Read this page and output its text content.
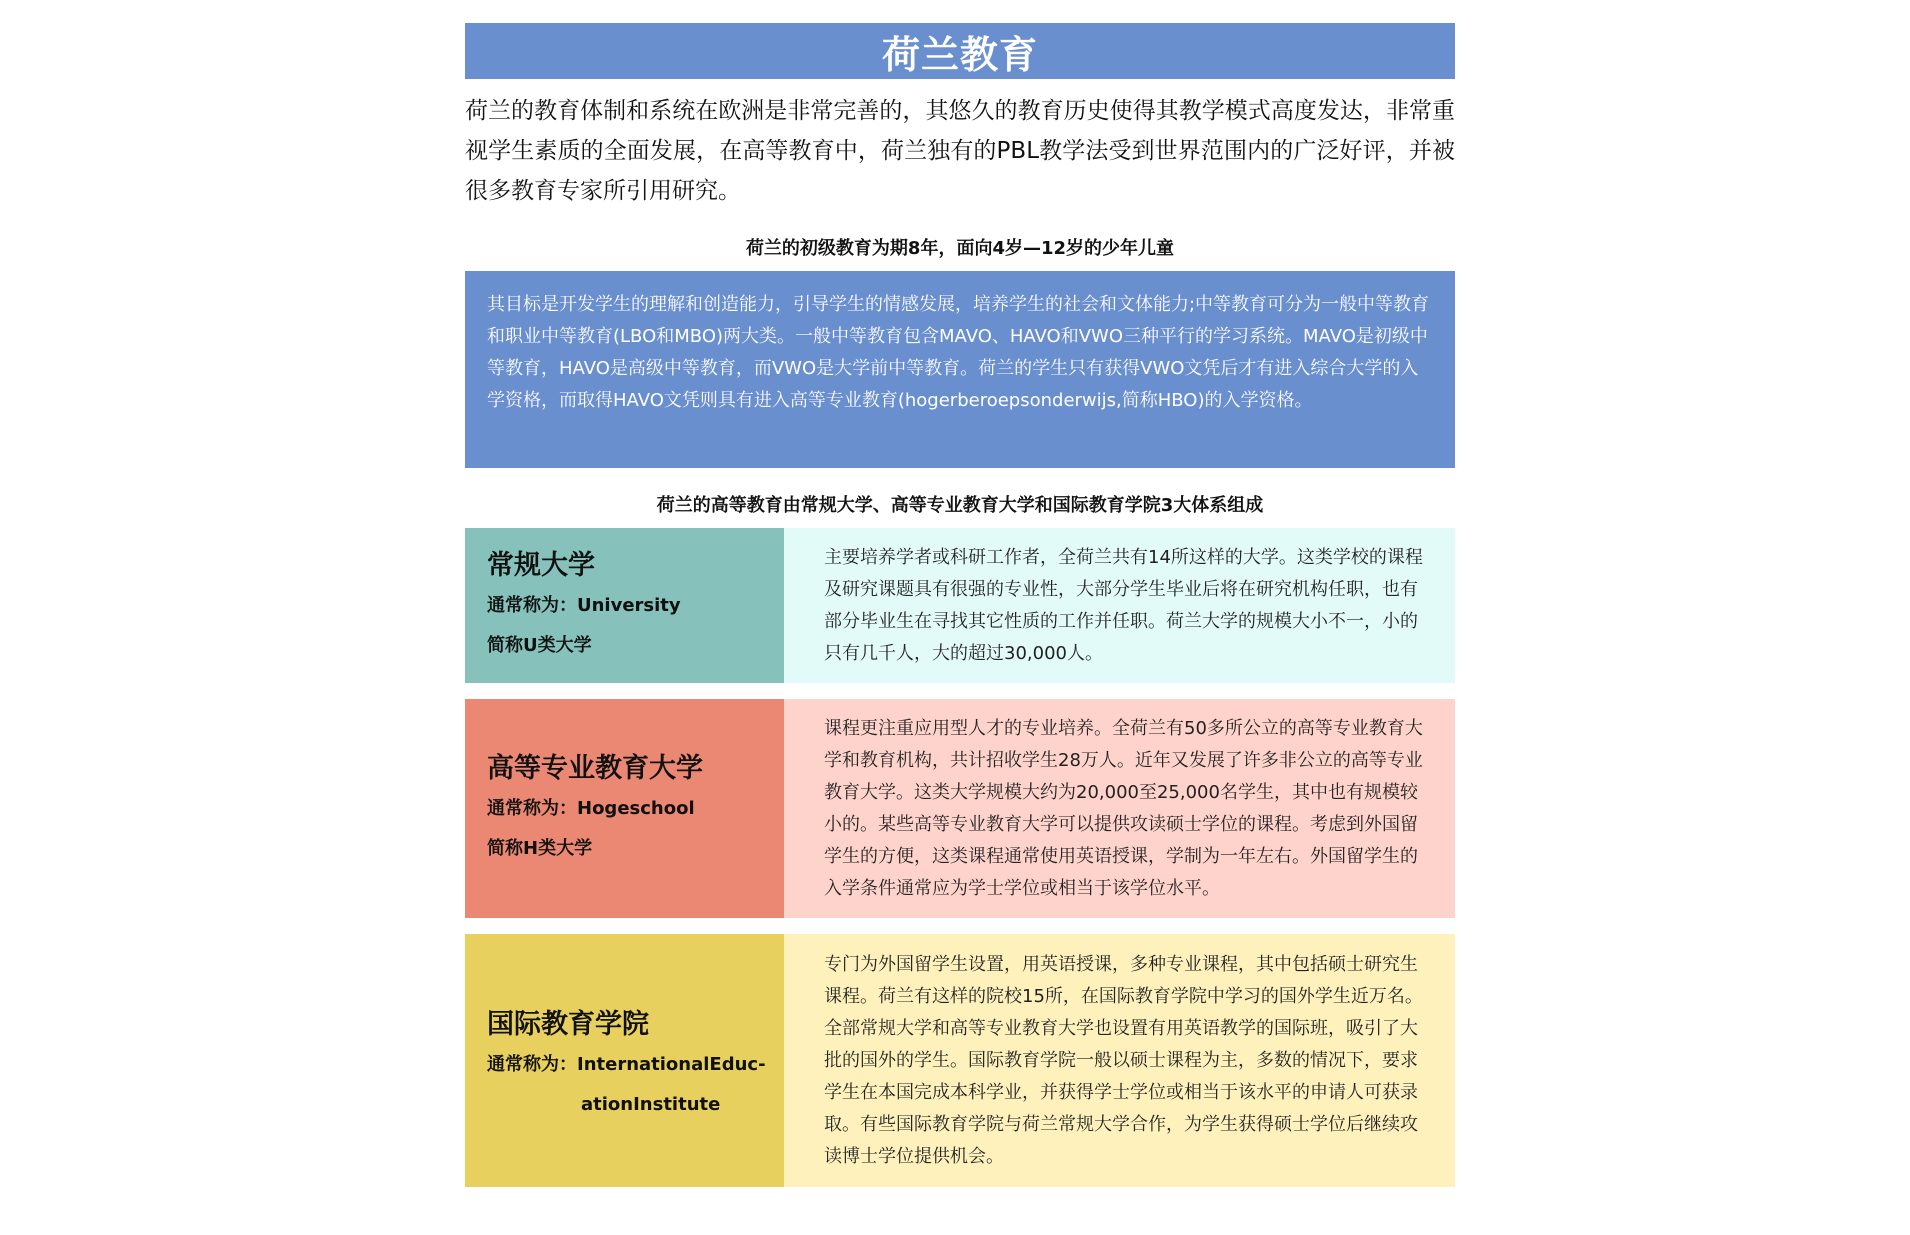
荷兰教育
荷兰的教育体制和系统在欧洲是非常完善的，其悠久的教育历史使得其教学模式高度发达，非常重视学生素质的全面发展，在高等教育中，荷兰独有的PBL教学法受到世界范围内的广泛好评，并被很多教育专家所引用研究。
荷兰的初级教育为期8年，面向4岁—12岁的少年儿童
其目标是开发学生的理解和创造能力，引导学生的情感发展，培养学生的社会和文体能力;中等教育可分为一般中等教育和职业中等教育(LBO和MBO)两大类。一般中等教育包含MAVO、HAVO和VWO三种平行的学习系统。MAVO是初级中等教育，HAVO是高级中等教育，而VWO是大学前中等教育。荷兰的学生只有获得VWO文凭后才有进入综合大学的入学资格，而取得HAVO文凭则具有进入高等专业教育(hogerberoepsonderwijs,简称HBO)的入学资格。
荷兰的高等教育由常规大学、高等专业教育大学和国际教育学院3大体系组成
常规大学
通常称为：University
简称U类大学
主要培养学者或科研工作者，全荷兰共有14所这样的大学。这类学校的课程及研究课题具有很强的专业性，大部分学生毕业后将在研究机构任职，也有部分毕业生在寻找其它性质的工作并任职。荷兰大学的规模大小不一，小的只有几千人，大的超过30,000人。
高等专业教育大学
通常称为：Hogeschool
简称H类大学
课程更注重应用型人才的专业培养。全荷兰有50多所公立的高等专业教育大学和教育机构，共计招收学生28万人。近年又发展了许多非公立的高等专业教育大学。这类大学规模大约为20,000至25,000名学生，其中也有规模较小的。某些高等专业教育大学可以提供攻读硕士学位的课程。考虑到外国留学生的方便，这类课程通常使用英语授课，学制为一年左右。外国留学生的入学条件通常应为学士学位或相当于该学位水平。
国际教育学院
通常称为：InternationalEduc-
ationInstitute
专门为外国留学生设置，用英语授课，多种专业课程，其中包括硕士研究生课程。荷兰有这样的院校15所，在国际教育学院中学习的国外学生近万名。全部常规大学和高等专业教育大学也设置有用英语教学的国际班，吸引了大批的国外的学生。国际教育学院一般以硕士课程为主，多数的情况下，要求学生在本国完成本科学业，并获得学士学位或相当于该水平的申请人可获录取。有些国际教育学院与荷兰常规大学合作，为学生获得硕士学位后继续攻读博士学位提供机会。
